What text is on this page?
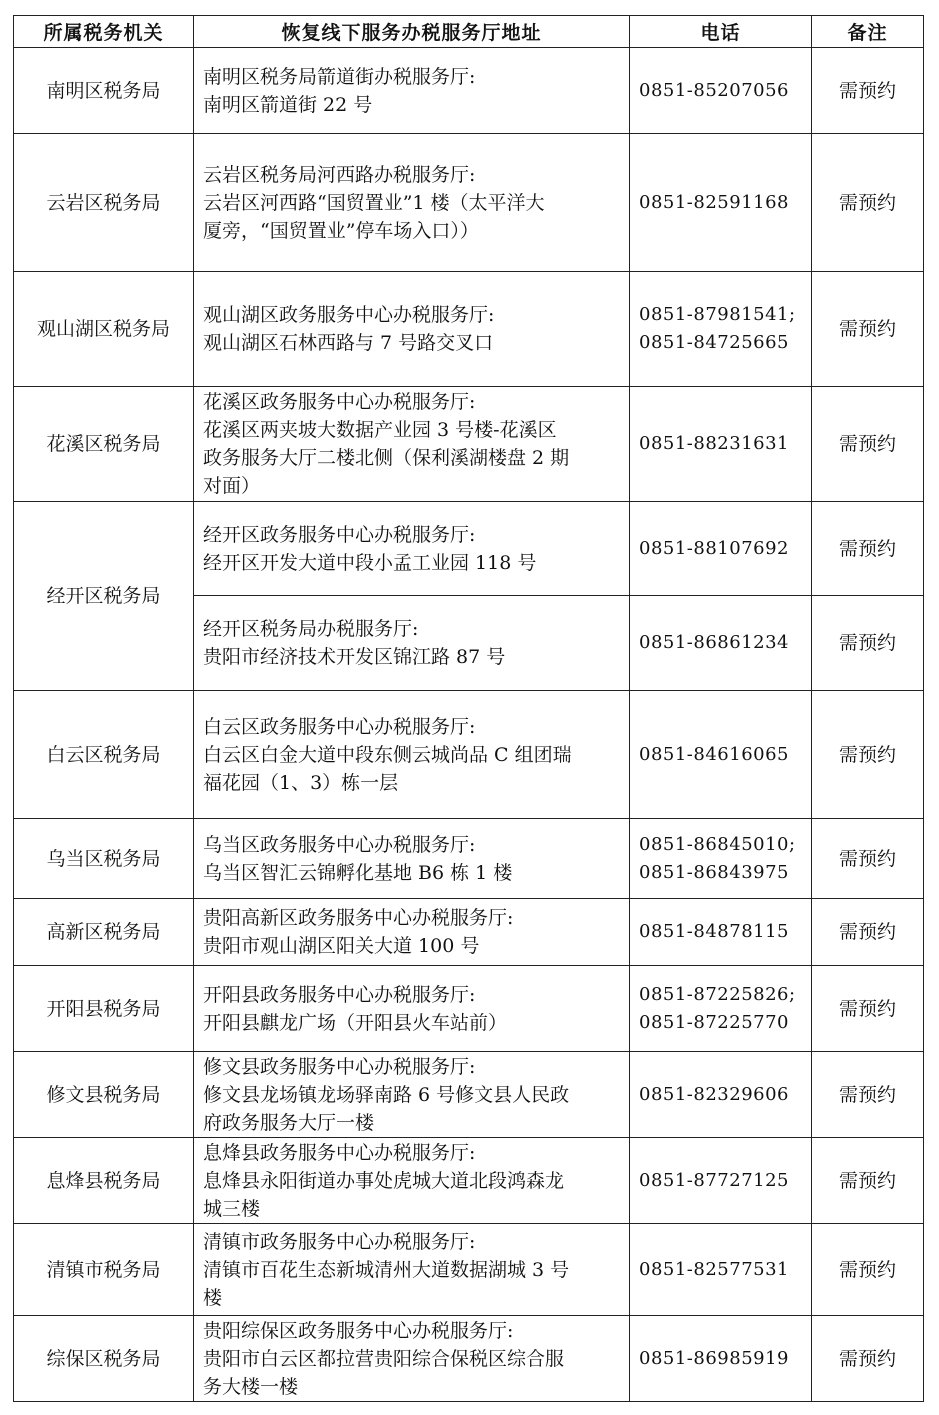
所属税务机关	恢复线下服务办税服务厅地址	电话	备注
南明区税务局	南明区税务局箭道街办税服务厅:
南明区箭道街 22 号	0851-85207056	需预约
云岩区税务局	云岩区税务局河西路办税服务厅:
云岩区河西路“国贸置业”1 楼（太平洋大
厦旁，“国贸置业”停车场入口））	0851-82591168	需预约
观山湖区税务局	观山湖区政务服务中心办税服务厅:
观山湖区石林西路与 7 号路交叉口	0851-87981541;
0851-84725665	需预约
花溪区税务局	花溪区政务服务中心办税服务厅:
花溪区两夹坡大数据产业园 3 号楼-花溪区
政务服务大厅二楼北侧（保利溪湖楼盘 2 期
对面）	0851-88231631	需预约
经开区税务局	经开区政务服务中心办税服务厅:
经开区开发大道中段小孟工业园 118 号	0851-88107692	需预约

	经开区税务局办税服务厅:
贵阳市经济技术开发区锦江路 87 号	0851-86861234	需预约
白云区税务局	白云区政务服务中心办税服务厅:
白云区白金大道中段东侧云城尚品 C 组团瑞
福花园（1、3）栋一层	0851-84616065	需预约
乌当区税务局	乌当区政务服务中心办税服务厅:
乌当区智汇云锦孵化基地 B6 栋 1 楼	0851-86845010;
0851-86843975	需预约
高新区税务局	贵阳高新区政务服务中心办税服务厅:
贵阳市观山湖区阳关大道 100 号	0851-84878115	需预约
开阳县税务局	开阳县政务服务中心办税服务厅:
开阳县麒龙广场（开阳县火车站前）	0851-87225826;
0851-87225770	需预约
修文县税务局	修文县政务服务中心办税服务厅:
修文县龙场镇龙场驿南路 6 号修文县人民政
府政务服务大厅一楼	0851-82329606	需预约
息烽县税务局	息烽县政务服务中心办税服务厅:
息烽县永阳街道办事处虎城大道北段鸿森龙
城三楼	0851-87727125	需预约
清镇市税务局	清镇市政务服务中心办税服务厅:
清镇市百花生态新城清州大道数据湖城 3 号
楼	0851-82577531	需预约
综保区税务局	贵阳综保区政务服务中心办税服务厅:
贵阳市白云区都拉营贵阳综合保税区综合服
务大楼一楼	0851-86985919	需预约
